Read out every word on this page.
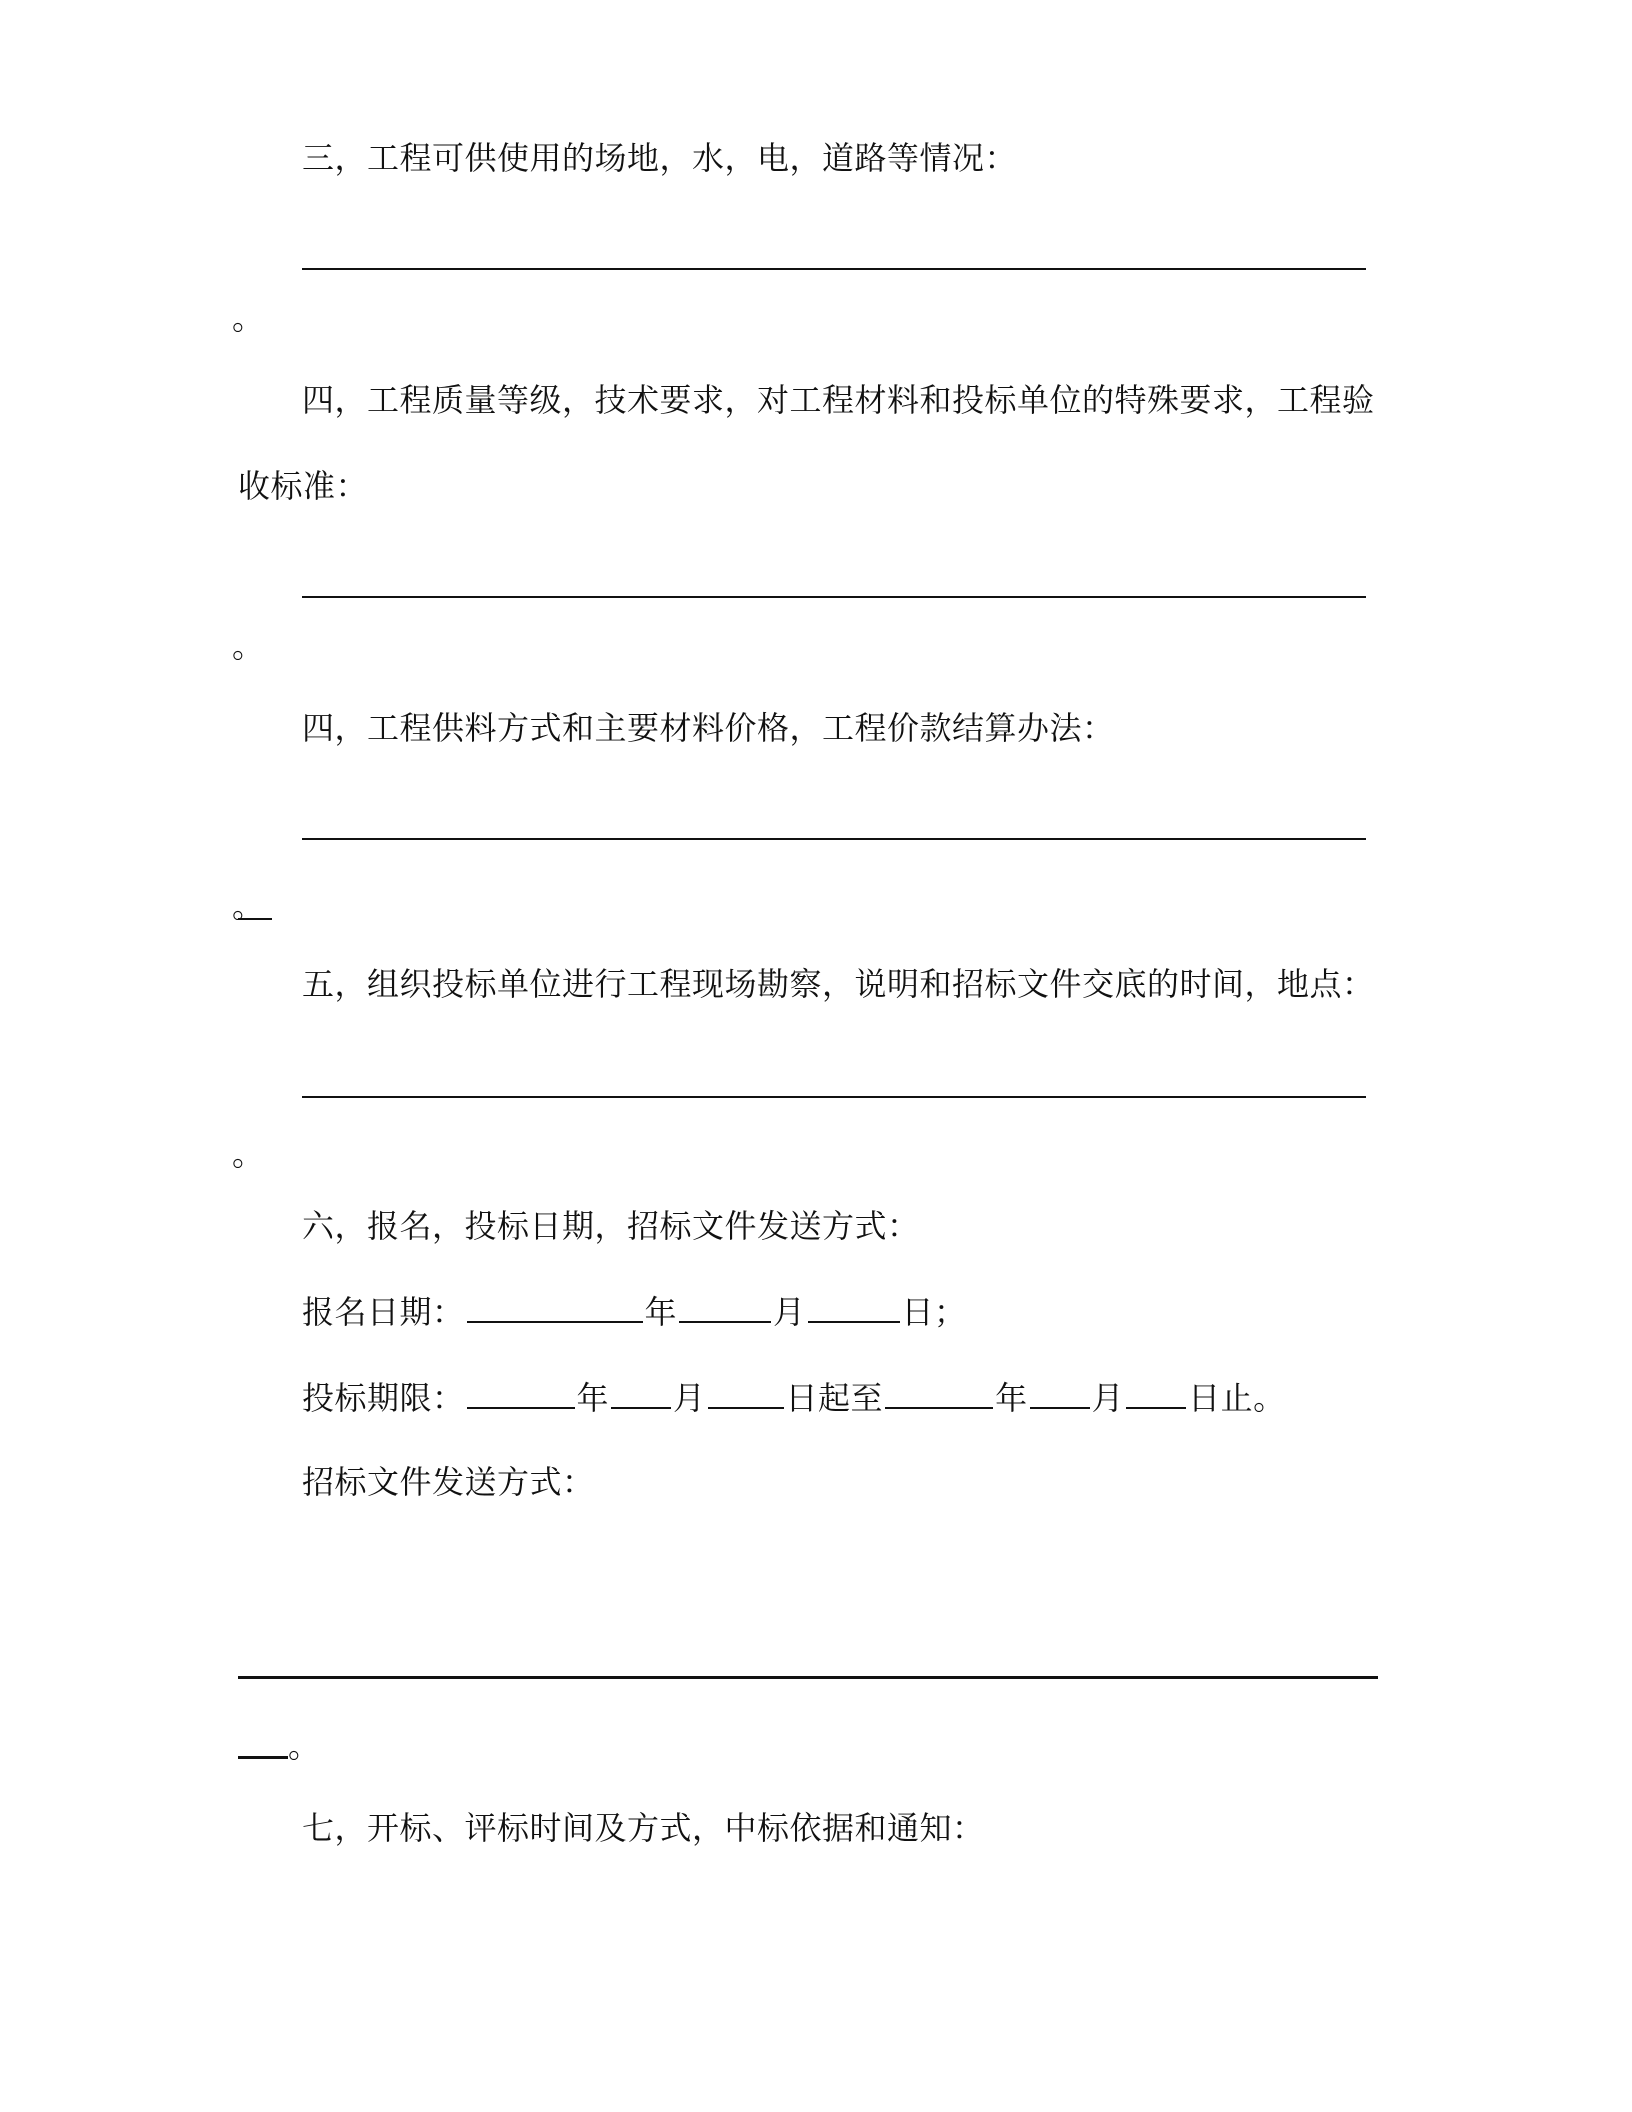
三，工程可供使用的场地，水，电，道路等情况：
。
四，工程质量等级，技术要求，对工程材料和投标单位的特殊要求，工程验
收标准：
。
四，工程供料方式和主要材料价格，工程价款结算办法：
。
五，组织投标单位进行工程现场勘察，说明和招标文件交底的时间，地点：
。
六，报名，投标日期，招标文件发送方式：
报名日期：	年	月	日；
投标期限：	年 月	日起至	年 月 日止。
招标文件发送方式：
。
七，开标、评标时间及方式，中标依据和通知：
